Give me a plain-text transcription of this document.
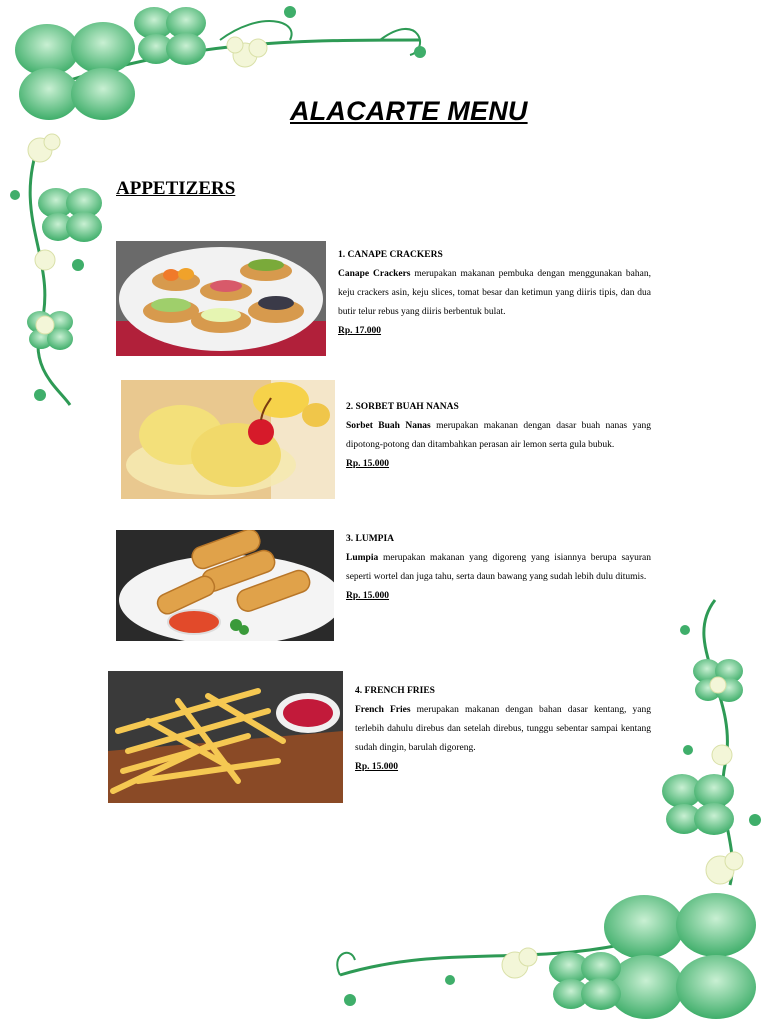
ALACARTE MENU
APPETIZERS
1. CANAPE CRACKERS
Canape Crackers merupakan makanan pembuka dengan menggunakan bahan, keju crackers asin, keju slices, tomat besar dan ketimun yang diiris tipis, dan dua butir telur rebus yang diiris berbentuk bulat.
Rp. 17.000
2. SORBET BUAH NANAS
Sorbet Buah Nanas merupakan makanan dengan dasar buah nanas yang dipotong-potong dan ditambahkan perasan air lemon serta gula bubuk.
Rp. 15.000
3. LUMPIA
Lumpia merupakan makanan yang digoreng yang isiannya berupa sayuran seperti wortel dan juga tahu, serta daun bawang yang sudah lebih dulu ditumis.
Rp. 15.000
4. FRENCH FRIES
French Fries merupakan makanan dengan bahan dasar kentang, yang terlebih dahulu direbus dan setelah direbus, tunggu sebentar sampai kentang sudah dingin, barulah digoreng.
Rp. 15.000
